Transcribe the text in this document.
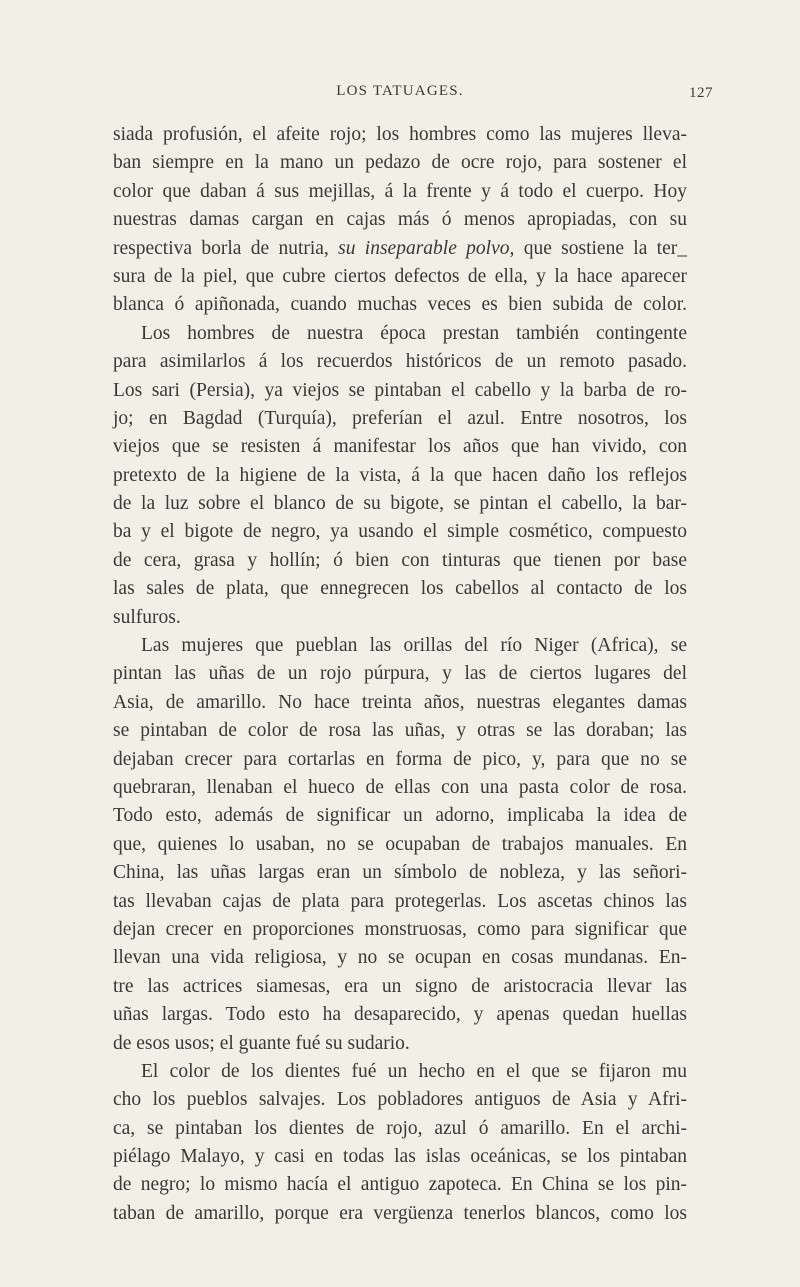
LOS TATUAGES.	127
siada profusión, el afeite rojo; los hombres como las mujeres lleva-
ban siempre en la mano un pedazo de ocre rojo, para sostener el
color que daban á sus mejillas, á la frente y á todo el cuerpo. Hoy
nuestras damas cargan en cajas más ó menos apropiadas, con su
respectiva borla de nutria, su inseparable polvo, que sostiene la ter_
sura de la piel, que cubre ciertos defectos de ella, y la hace aparecer
blanca ó apiñonada, cuando muchas veces es bien subida de color.
Los hombres de nuestra época prestan también contingente
para asimilarlos á los recuerdos históricos de un remoto pasado.
Los sari (Persia), ya viejos se pintaban el cabello y la barba de ro-
jo; en Bagdad (Turquía), preferían el azul. Entre nosotros, los
viejos que se resisten á manifestar los años que han vivido, con
pretexto de la higiene de la vista, á la que hacen daño los reflejos
de la luz sobre el blanco de su bigote, se pintan el cabello, la bar-
ba y el bigote de negro, ya usando el simple cosmético, compuesto
de cera, grasa y hollín; ó bien con tinturas que tienen por base
las sales de plata, que ennegrecen los cabellos al contacto de los
sulfuros.
Las mujeres que pueblan las orillas del río Niger (Africa), se
pintan las uñas de un rojo púrpura, y las de ciertos lugares del
Asia, de amarillo. No hace treinta años, nuestras elegantes damas
se pintaban de color de rosa las uñas, y otras se las doraban; las
dejaban crecer para cortarlas en forma de pico, y, para que no se
quebraran, llenaban el hueco de ellas con una pasta color de rosa.
Todo esto, además de significar un adorno, implicaba la idea de
que, quienes lo usaban, no se ocupaban de trabajos manuales. En
China, las uñas largas eran un símbolo de nobleza, y las señori-
tas llevaban cajas de plata para protegerlas. Los ascetas chinos las
dejan crecer en proporciones monstruosas, como para significar que
llevan una vida religiosa, y no se ocupan en cosas mundanas. En-
tre las actrices siamesas, era un signo de aristocracia llevar las
uñas largas. Todo esto ha desaparecido, y apenas quedan huellas
de esos usos; el guante fué su sudario.
El color de los dientes fué un hecho en el que se fijaron mu
cho los pueblos salvajes. Los pobladores antiguos de Asia y Afri-
ca, se pintaban los dientes de rojo, azul ó amarillo. En el archi-
piélago Malayo, y casi en todas las islas oceánicas, se los pintaban
de negro; lo mismo hacía el antiguo zapoteca. En China se los pin-
taban de amarillo, porque era vergüenza tenerlos blancos, como los
